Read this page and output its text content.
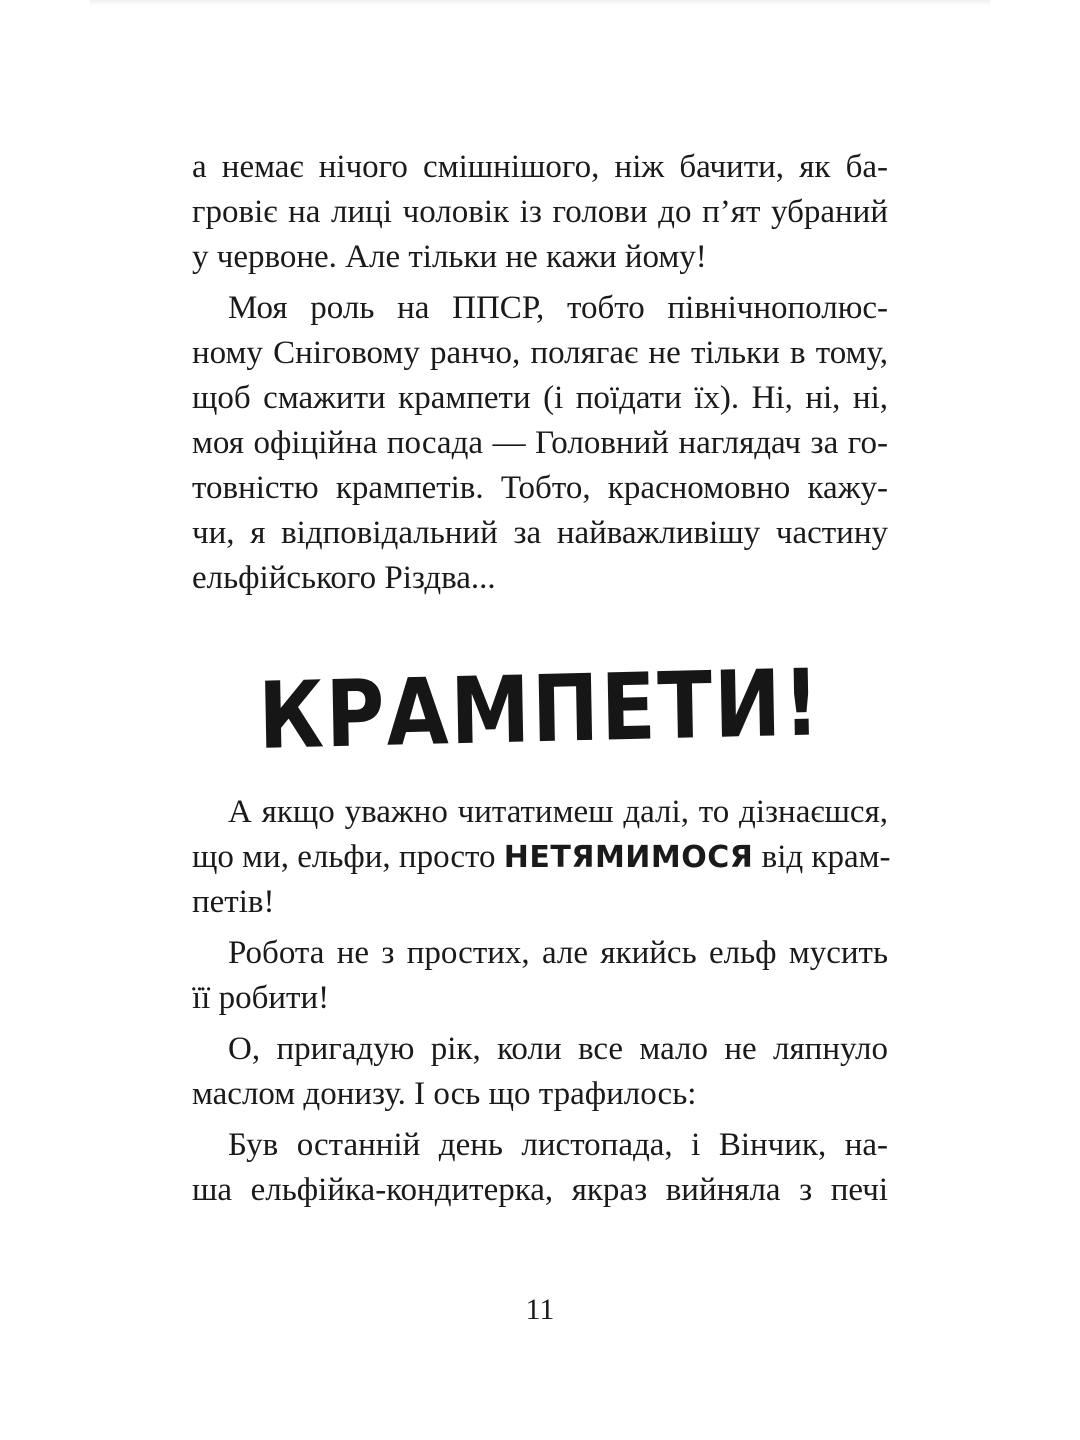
а немає нічого смішнішого, ніж бачити, як ба-
гровіє на лиці чоловік із голови до п’ят убраний
у червоне. Але тільки не кажи йому!
Моя роль на ППСР, тобто північнополюс-
ному Сніговому ранчо, полягає не тільки в тому,
щоб смажити крампети (і поїдати їх). Ні, ні, ні,
моя офіційна посада — Головний наглядач за го-
товністю крампетів. Тобто, красномовно кажу-
чи, я відповідальний за найважливішу частину
ельфійського Різдва...
КРАМПЕТИ!
А якщо уважно читатимеш далі, то дізнаєшся,
що ми, ельфи, просто НЕТЯМИМОСЯ від крам-
петів!
Робота не з простих, але якийсь ельф мусить
її робити!
О, пригадую рік, коли все мало не ляпнуло
маслом донизу. І ось що трафилось:
Був останній день листопада, і Вінчик, на-
ша ельфійка-кондитерка, якраз вийняла з печі
11
